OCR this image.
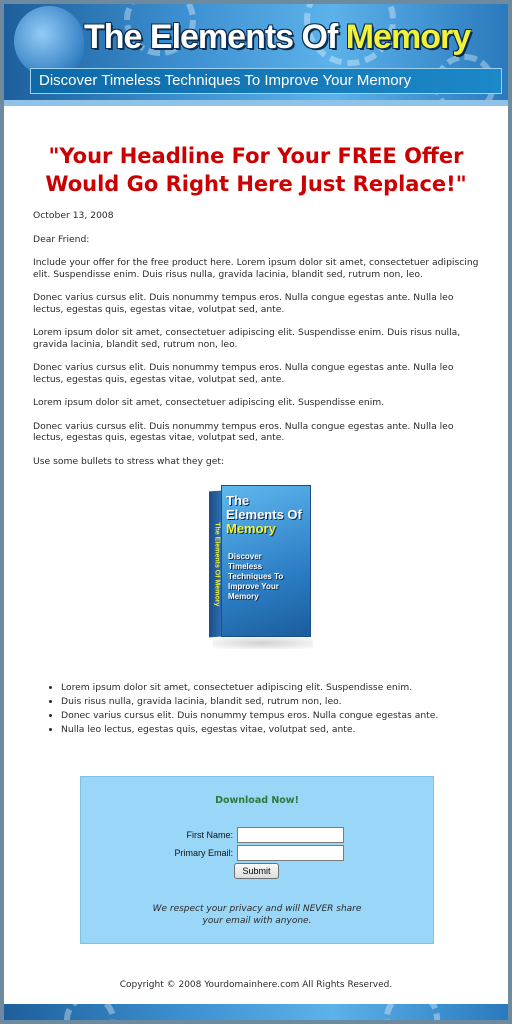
The Elements Of Memory
Discover Timeless Techniques To Improve Your Memory
"Your Headline For Your FREE Offer Would Go Right Here Just Replace!"

October 13, 2008

Dear Friend:

Include your offer for the free product here. Lorem ipsum dolor sit amet, consectetuer adipiscing elit. Suspendisse enim. Duis risus nulla, gravida lacinia, blandit sed, rutrum non, leo.

Donec varius cursus elit. Duis nonummy tempus eros. Nulla congue egestas ante. Nulla leo lectus, egestas quis, egestas vitae, volutpat sed, ante.

Lorem ipsum dolor sit amet, consectetuer adipiscing elit. Suspendisse enim. Duis risus nulla, gravida lacinia, blandit sed, rutrum non, leo.

Donec varius cursus elit. Duis nonummy tempus eros. Nulla congue egestas ante. Nulla leo lectus, egestas quis, egestas vitae, volutpat sed, ante.

Lorem ipsum dolor sit amet, consectetuer adipiscing elit. Suspendisse enim.

Donec varius cursus elit. Duis nonummy tempus eros. Nulla congue egestas ante. Nulla leo lectus, egestas quis, egestas vitae, volutpat sed, ante.

Use some bullets to stress what they get:

The Elements Of Memory
The Elements Of Memory
Discover Timeless Techniques To Improve Your Memory
• Lorem ipsum dolor sit amet, consectetuer adipiscing elit. Suspendisse enim.
• Duis risus nulla, gravida lacinia, blandit sed, rutrum non, leo.
• Donec varius cursus elit. Duis nonummy tempus eros. Nulla congue egestas ante.
• Nulla leo lectus, egestas quis, egestas vitae, volutpat sed, ante.
Download Now!
First Name:
Primary Email:
Submit
We respect your privacy and will NEVER share
your email with anyone.
Copyright © 2008 Yourdomainhere.com All Rights Reserved.
